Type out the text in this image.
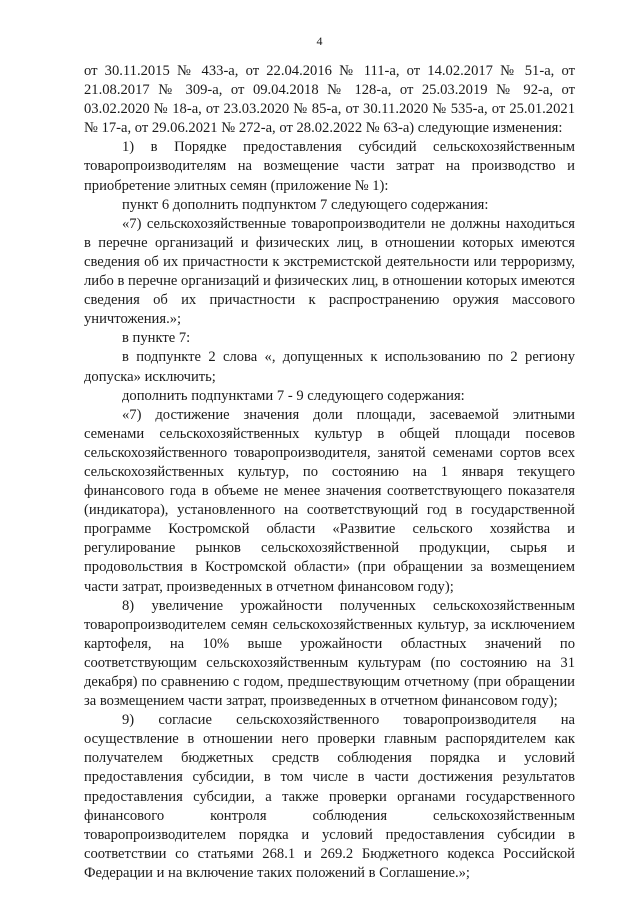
4

от 30.11.2015 № 433-а, от 22.04.2016 № 111-а, от 14.02.2017 № 51-а, от 21.08.2017 № 309-а, от 09.04.2018 № 128-а, от 25.03.2019 № 92-а, от 03.02.2020 № 18-а, от 23.03.2020 № 85-а, от 30.11.2020 № 535-а, от 25.01.2021 № 17-а, от 29.06.2021 № 272-а, от 28.02.2022 № 63-а) следующие изменения:

1) в Порядке предоставления субсидий сельскохозяйственным товаропроизводителям на возмещение части затрат на производство и приобретение элитных семян (приложение № 1):

пункт 6 дополнить подпунктом 7 следующего содержания:

«7) сельскохозяйственные товаропроизводители не должны находиться в перечне организаций и физических лиц, в отношении которых имеются сведения об их причастности к экстремистской деятельности или терроризму, либо в перечне организаций и физических лиц, в отношении которых имеются сведения об их причастности к распространению оружия массового уничтожения.»;

в пункте 7:

в подпункте 2 слова «, допущенных к использованию по 2 региону допуска» исключить;

дополнить подпунктами 7 - 9 следующего содержания:

«7) достижение значения доли площади, засеваемой элитными семенами сельскохозяйственных культур в общей площади посевов сельскохозяйственного товаропроизводителя, занятой семенами сортов всех сельскохозяйственных культур, по состоянию на 1 января текущего финансового года в объеме не менее значения соответствующего показателя (индикатора), установленного на соответствующий год в государственной программе Костромской области «Развитие сельского хозяйства и регулирование рынков сельскохозяйственной продукции, сырья и продовольствия в Костромской области» (при обращении за возмещением части затрат, произведенных в отчетном финансовом году);

8) увеличение урожайности полученных сельскохозяйственным товаропроизводителем семян сельскохозяйственных культур, за исключением картофеля, на 10% выше урожайности областных значений по соответствующим сельскохозяйственным культурам (по состоянию на 31 декабря) по сравнению с годом, предшествующим отчетному (при обращении за возмещением части затрат, произведенных в отчетном финансовом году);

9) согласие сельскохозяйственного товаропроизводителя на осуществление в отношении него проверки главным распорядителем как получателем бюджетных средств соблюдения порядка и условий предоставления субсидии, в том числе в части достижения результатов предоставления субсидии, а также проверки органами государственного финансового контроля соблюдения сельскохозяйственным товаропроизводителем порядка и условий предоставления субсидии в соответствии со статьями 268.1 и 269.2 Бюджетного кодекса Российской Федерации и на включение таких положений в Соглашение.»;
